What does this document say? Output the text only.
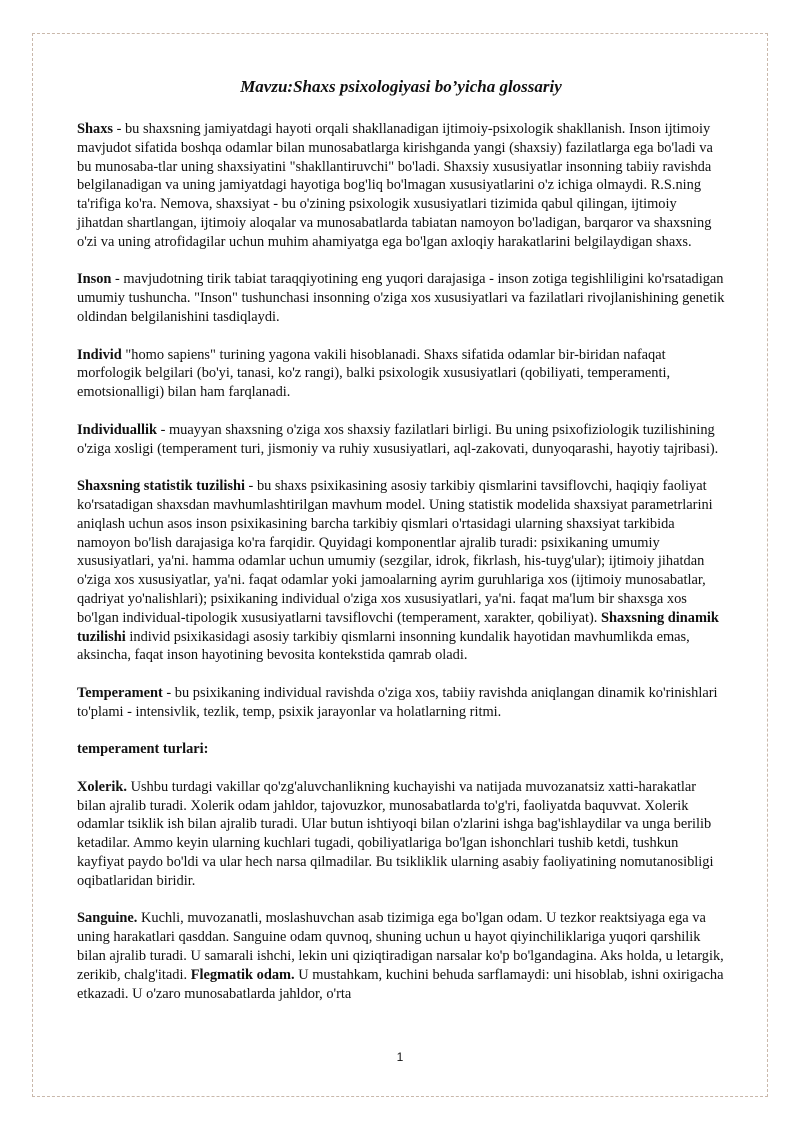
Mavzu:Shaxs psixologiyasi bo’yicha glossariy

Shaxs - bu shaxsning jamiyatdagi hayoti orqali shakllanadigan ijtimoiy-psixologik shakllanish. Inson ijtimoiy mavjudot sifatida boshqa odamlar bilan munosabatlarga kirishganda yangi (shaxsiy) fazilatlarga ega bo'ladi va bu munosaba-tlar uning shaxsiyatini "shakllantiruvchi" bo'ladi. Shaxsiy xususiyatlar insonning tabiiy ravishda belgilanadigan va uning jamiyatdagi hayotiga bog'liq bo'lmagan xususiyatlarini o'z ichiga olmaydi. R.S.ning ta'rifiga ko'ra. Nemova, shaxsiyat - bu o'zining psixologik xususiyatlari tizimida qabul qilingan, ijtimoiy jihatdan shartlangan, ijtimoiy aloqalar va munosabatlarda tabiatan namoyon bo'ladigan, barqaror va shaxsning o'zi va uning atrofidagilar uchun muhim ahamiyatga ega bo'lgan axloqiy harakatlarini belgilaydigan shaxs.

Inson - mavjudotning tirik tabiat taraqqiyotining eng yuqori darajasiga - inson zotiga tegishliligini ko'rsatadigan umumiy tushuncha. "Inson" tushunchasi insonning o'ziga xos xususiyatlari va fazilatlari rivojlanishining genetik oldindan belgilanishini tasdiqlaydi.

Individ "homo sapiens" turining yagona vakili hisoblanadi. Shaxs sifatida odamlar bir-biridan nafaqat morfologik belgilari (bo'yi, tanasi, ko'z rangi), balki psixologik xususiyatlari (qobiliyati, temperamenti, emotsionalligi) bilan ham farqlanadi.

Individuallik - muayyan shaxsning o'ziga xos shaxsiy fazilatlari birligi. Bu uning psixofiziologik tuzilishining o'ziga xosligi (temperament turi, jismoniy va ruhiy xususiyatlari, aql-zakovati, dunyoqarashi, hayotiy tajribasi).

Shaxsning statistik tuzilishi - bu shaxs psixikasining asosiy tarkibiy qismlarini tavsiflovchi, haqiqiy faoliyat ko'rsatadigan shaxsdan mavhumlashtirilgan mavhum model. Uning statistik modelida shaxsiyat parametrlarini aniqlash uchun asos inson psixikasining barcha tarkibiy qismlari o'rtasidagi ularning shaxsiyat tarkibida namoyon bo'lish darajasiga ko'ra farqidir. Quyidagi komponentlar ajralib turadi: psixikaning umumiy xususiyatlari, ya'ni. hamma odamlar uchun umumiy (sezgilar, idrok, fikrlash, his-tuyg'ular); ijtimoiy jihatdan o'ziga xos xususiyatlar, ya'ni. faqat odamlar yoki jamoalarning ayrim guruhlariga xos (ijtimoiy munosabatlar, qadriyat yo'nalishlari); psixikaning individual o'ziga xos xususiyatlari, ya'ni. faqat ma'lum bir shaxsga xos bo'lgan individual-tipologik xususiyatlarni tavsiflovchi (temperament, xarakter, qobiliyat). Shaxsning dinamik tuzilishi individ psixikasidagi asosiy tarkibiy qismlarni insonning kundalik hayotidan mavhumlikda emas, aksincha, faqat inson hayotining bevosita kontekstida qamrab oladi.

Temperament - bu psixikaning individual ravishda o'ziga xos, tabiiy ravishda aniqlangan dinamik ko'rinishlari to'plami - intensivlik, tezlik, temp, psixik jarayonlar va holatlarning ritmi.

temperament turlari:

Xolerik. Ushbu turdagi vakillar qo'zg'aluvchanlikning kuchayishi va natijada muvozanatsiz xatti-harakatlar bilan ajralib turadi. Xolerik odam jahldor, tajovuzkor, munosabatlarda to'g'ri, faoliyatda baquvvat. Xolerik odamlar tsiklik ish bilan ajralib turadi. Ular butun ishtiyoqi bilan o'zlarini ishga bag'ishlaydilar va unga berilib ketadilar. Ammo keyin ularning kuchlari tugadi, qobiliyatlariga bo'lgan ishonchlari tushib ketdi, tushkun kayfiyat paydo bo'ldi va ular hech narsa qilmadilar. Bu tsikliklik ularning asabiy faoliyatining nomutanosibligi oqibatlaridan biridir.

Sanguine. Kuchli, muvozanatli, moslashuvchan asab tizimiga ega bo'lgan odam. U tezkor reaktsiyaga ega va uning harakatlari qasddan. Sanguine odam quvnoq, shuning uchun u hayot qiyinchiliklariga yuqori qarshilik bilan ajralib turadi. U samarali ishchi, lekin uni qiziqtiradigan narsalar ko'p bo'lgandagina. Aks holda, u letargik, zerikib, chalg'itadi. Flegmatik odam. U mustahkam, kuchini behuda sarflamaydi: uni hisoblab, ishni oxirigacha etkazadi. U o'zaro munosabatlarda jahldor, o'rta

1
